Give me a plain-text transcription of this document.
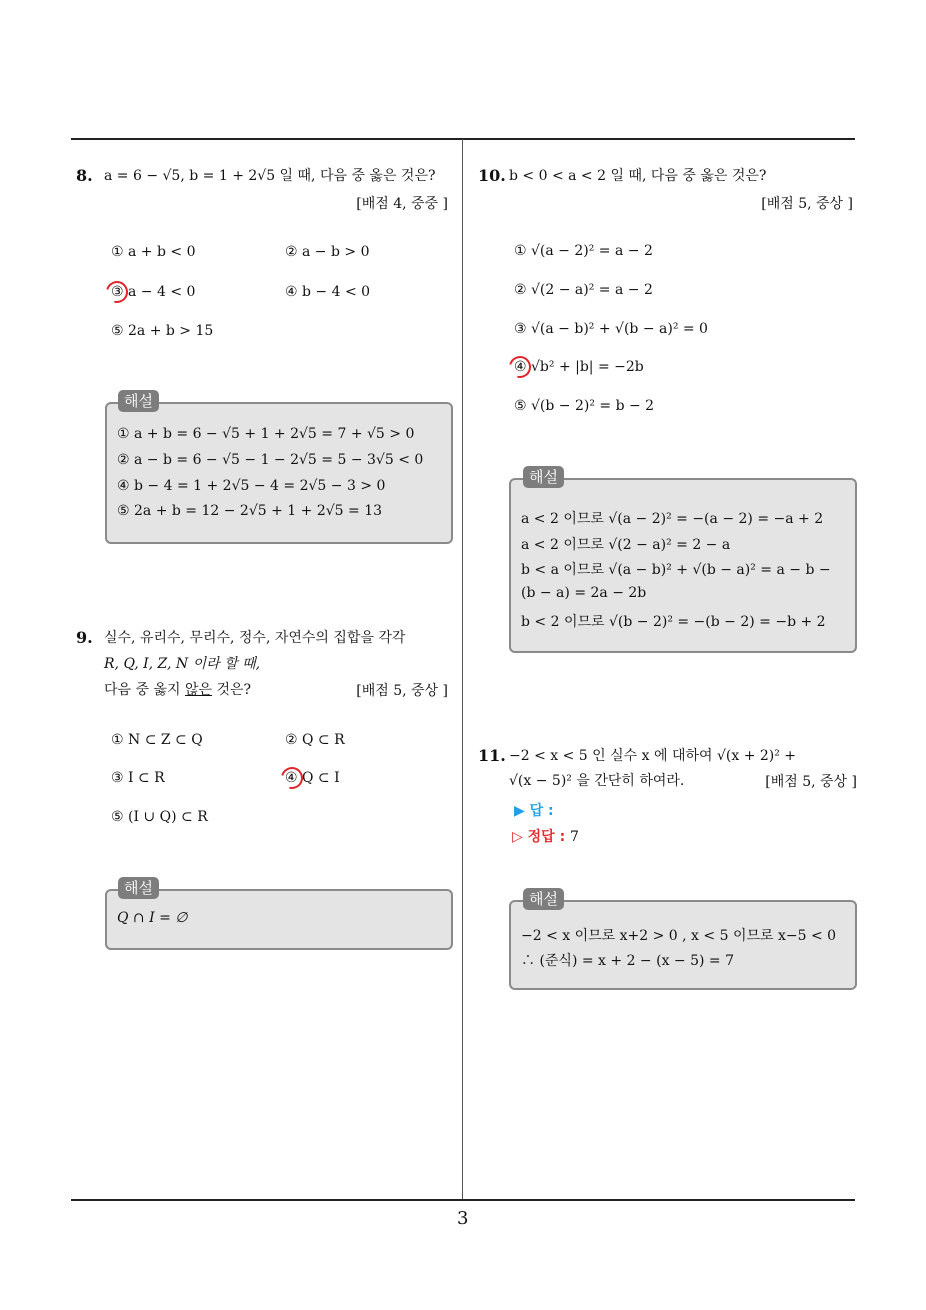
8. a = 6 − √5, b = 1 + 2√5 일 때, 다음 중 옳은 것은?
[배점 4, 중중 ]
① a + b < 0	② a − b > 0
③ a − 4 < 0	④ b − 4 < 0
⑤ 2a + b > 15
해설
① a + b = 6 − √5 + 1 + 2√5 = 7 + √5 > 0
② a − b = 6 − √5 − 1 − 2√5 = 5 − 3√5 < 0
④ b − 4 = 1 + 2√5 − 4 = 2√5 − 3 > 0
⑤ 2a + b = 12 − 2√5 + 1 + 2√5 = 13
9. 실수, 유리수, 무리수, 정수, 자연수의 집합을 각각
R, Q, I, Z, N 이라 할 때,
다음 중 옳지 않은 것은?	[배점 5, 중상 ]
① N ⊂ Z ⊂ Q	② Q ⊂ R
③ I ⊂ R	④ Q ⊂ I
⑤ (I ∪ Q) ⊂ R
해설
Q ∩ I = ∅
10. b < 0 < a < 2 일 때, 다음 중 옳은 것은?
[배점 5, 중상 ]
① √(a − 2)² = a − 2
② √(2 − a)² = a − 2
③ √(a − b)² + √(b − a)² = 0
④ √b² + |b| = −2b
⑤ √(b − 2)² = b − 2
해설
a < 2 이므로 √(a − 2)² = −(a − 2) = −a + 2
a < 2 이므로 √(2 − a)² = 2 − a
b < a 이므로 √(a − b)² + √(b − a)² = a − b −
(b − a) = 2a − 2b
b < 2 이므로 √(b − 2)² = −(b − 2) = −b + 2
11. −2 < x < 5 인 실수 x 에 대하여 √(x + 2)² +
√(x − 5)² 을 간단히 하여라.	[배점 5, 중상 ]
▶ 답 :
▷ 정답 : 7
해설
−2 < x 이므로 x+2 > 0 , x < 5 이므로 x−5 < 0
∴ (준식) = x + 2 − (x − 5) = 7
3
